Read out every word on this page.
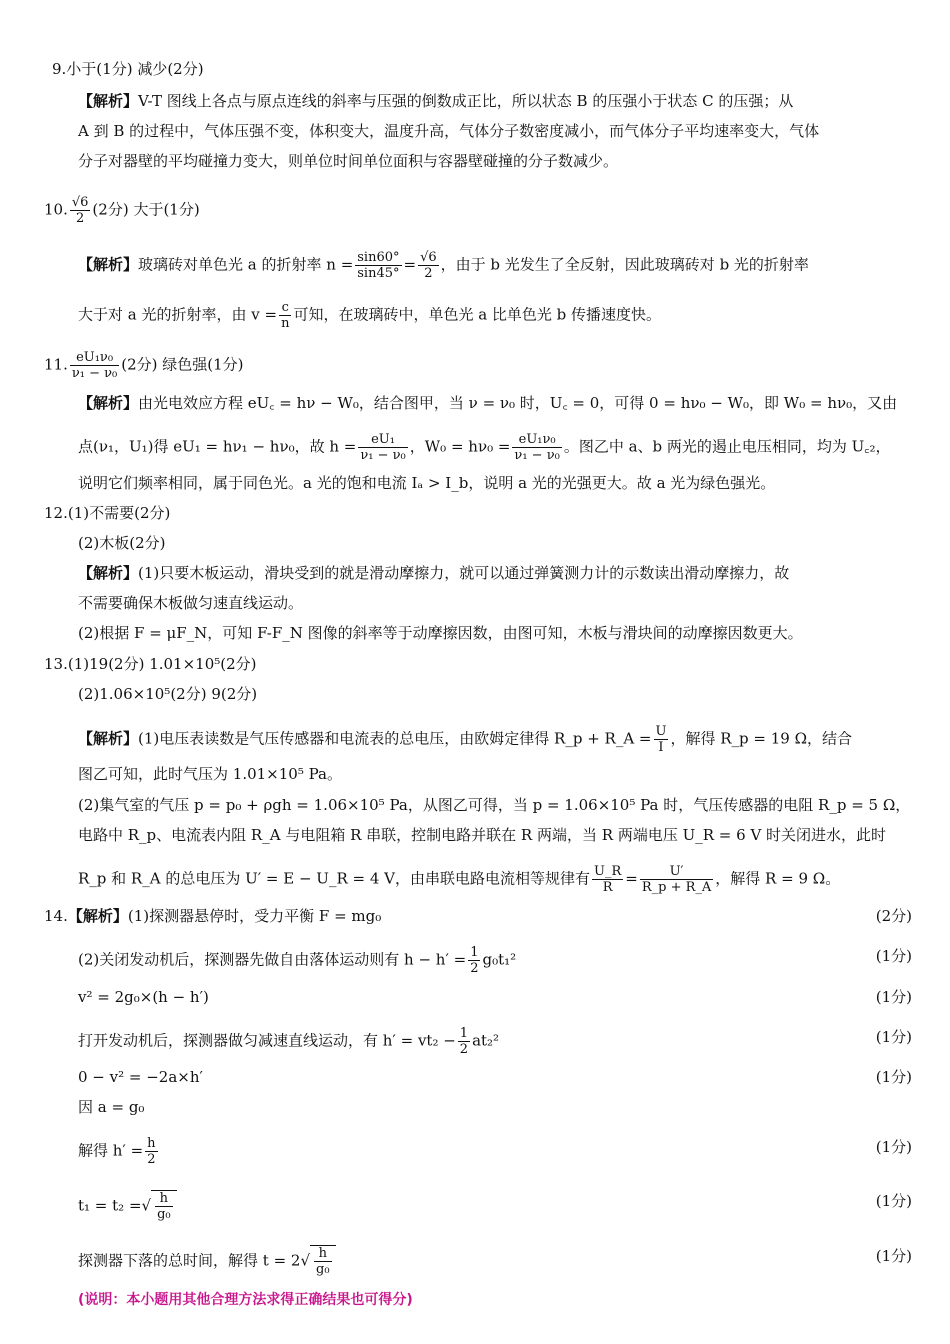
9.小于(1分) 减少(2分)
【解析】V-T 图线上各点与原点连线的斜率与压强的倒数成正比，所以状态 B 的压强小于状态 C 的压强；从
A 到 B 的过程中，气体压强不变，体积变大，温度升高，气体分子数密度减小，而气体分子平均速率变大，气体
分子对器壁的平均碰撞力变大，则单位时间单位面积与容器壁碰撞的分子数减少。
10. $\frac{√6}{2} (2$分) 大于(1分)
【解析】玻璃砖对单色光 a 的折射率 $n = \frac{\sin 60^\circ}{\sin 45^\circ} = \frac{√6}{2}$ ，由于 b 光发生了全反射，因此玻璃砖对 b 光的折射率
大于对 a 光的折射率，由 $v = \frac{c}{n}$ 可知，在玻璃砖中，单色光 a 比单色光 b 传播速度快。
11. $\frac{\text{eU₁ν₀}}{\text{ν₁ − ν₀}} (2$分) 绿色强(1分)
【解析】由光电效应方程 eU꜀ = hν − W₀，结合图甲，当 ν = ν₀ 时，U꜀ = 0，可得 0 = hν₀ − W₀，即 W₀ = hν₀，又由
点(ν₁，U₁)得 eU₁ = hν₁ − hν₀，故 $h = \frac{\text{eU₁}}{\text{ν₁ − ν₀}}$ ，$W_0 = h\nu_0 = \frac{\text{eU₁ν₀}}{\text{ν₁ − ν₀}}$ 。图乙中 a、b 两光的遏止电压相同，均为 U꜀₂，
说明它们频率相同，属于同色光。a 光的饱和电流 Iₐ > I_b，说明 a 光的光强更大。故 a 光为绿色强光。
12.(1)不需要(2分)
(2)木板(2分)
【解析】(1)只要木板运动，滑块受到的就是滑动摩擦力，就可以通过弹簧测力计的示数读出滑动摩擦力，故
不需要确保木板做匀速直线运动。
(2)根据 F = μF_N，可知 F-F_N 图像的斜率等于动摩擦因数，由图可知，木板与滑块间的动摩擦因数更大。
13.(1)19(2分) 1.01×10⁵(2分)
(2)1.06×10⁵(2分) 9(2分)
【解析】(1)电压表读数是气压传感器和电流表的总电压，由欧姆定律得 R_p + R_A = $\frac{U}{I}$ ，解得 R_p = 19 Ω，结合
图乙可知，此时气压为 1.01×10⁵ Pa。
(2)集气室的气压 p = p₀ + ρgh = 1.06×10⁵ Pa，从图乙可得，当 p = 1.06×10⁵ Pa 时，气压传感器的电阻 R_p = 5 Ω，
电路中 R_p、电流表内阻 R_A 与电阻箱 R 串联，控制电路并联在 R 两端，当 R 两端电压 U_R = 6 V 时关闭进水，此时
R_p 和 R_A 的总电压为 U′ = E − U_R = 4 V，由串联电路电流相等规律有 $\frac{U\_R}{R} = \frac{U'}{R\_p + R\_A}$ ，解得 R = 9 Ω。
14.【解析】(1)探测器悬停时，受力平衡 F = mg₀	(2分)
(2)关闭发动机后，探测器先做自由落体运动则有 $h - h' = \frac{1}{2} g_0t_1^2$	(1分)
v² = 2g₀×(h − h′)	(1分)
打开发动机后，探测器做匀减速直线运动，有 $h' = vt_2 - \frac{1}{2} at_2^2$	(1分)
0 − v² = −2a×h′	(1分)
因 a = g₀
解得 $h' = \frac{h}{2}$	(1分)
t₁ = t₂ =√ $\frac{h}{\text{g₀}}$	(1分)
探测器下落的总时间，解得 $t = 2√ \frac{h}{\text{g₀}}$	(1分)
(说明：本小题用其他合理方法求得正确结果也可得分)
